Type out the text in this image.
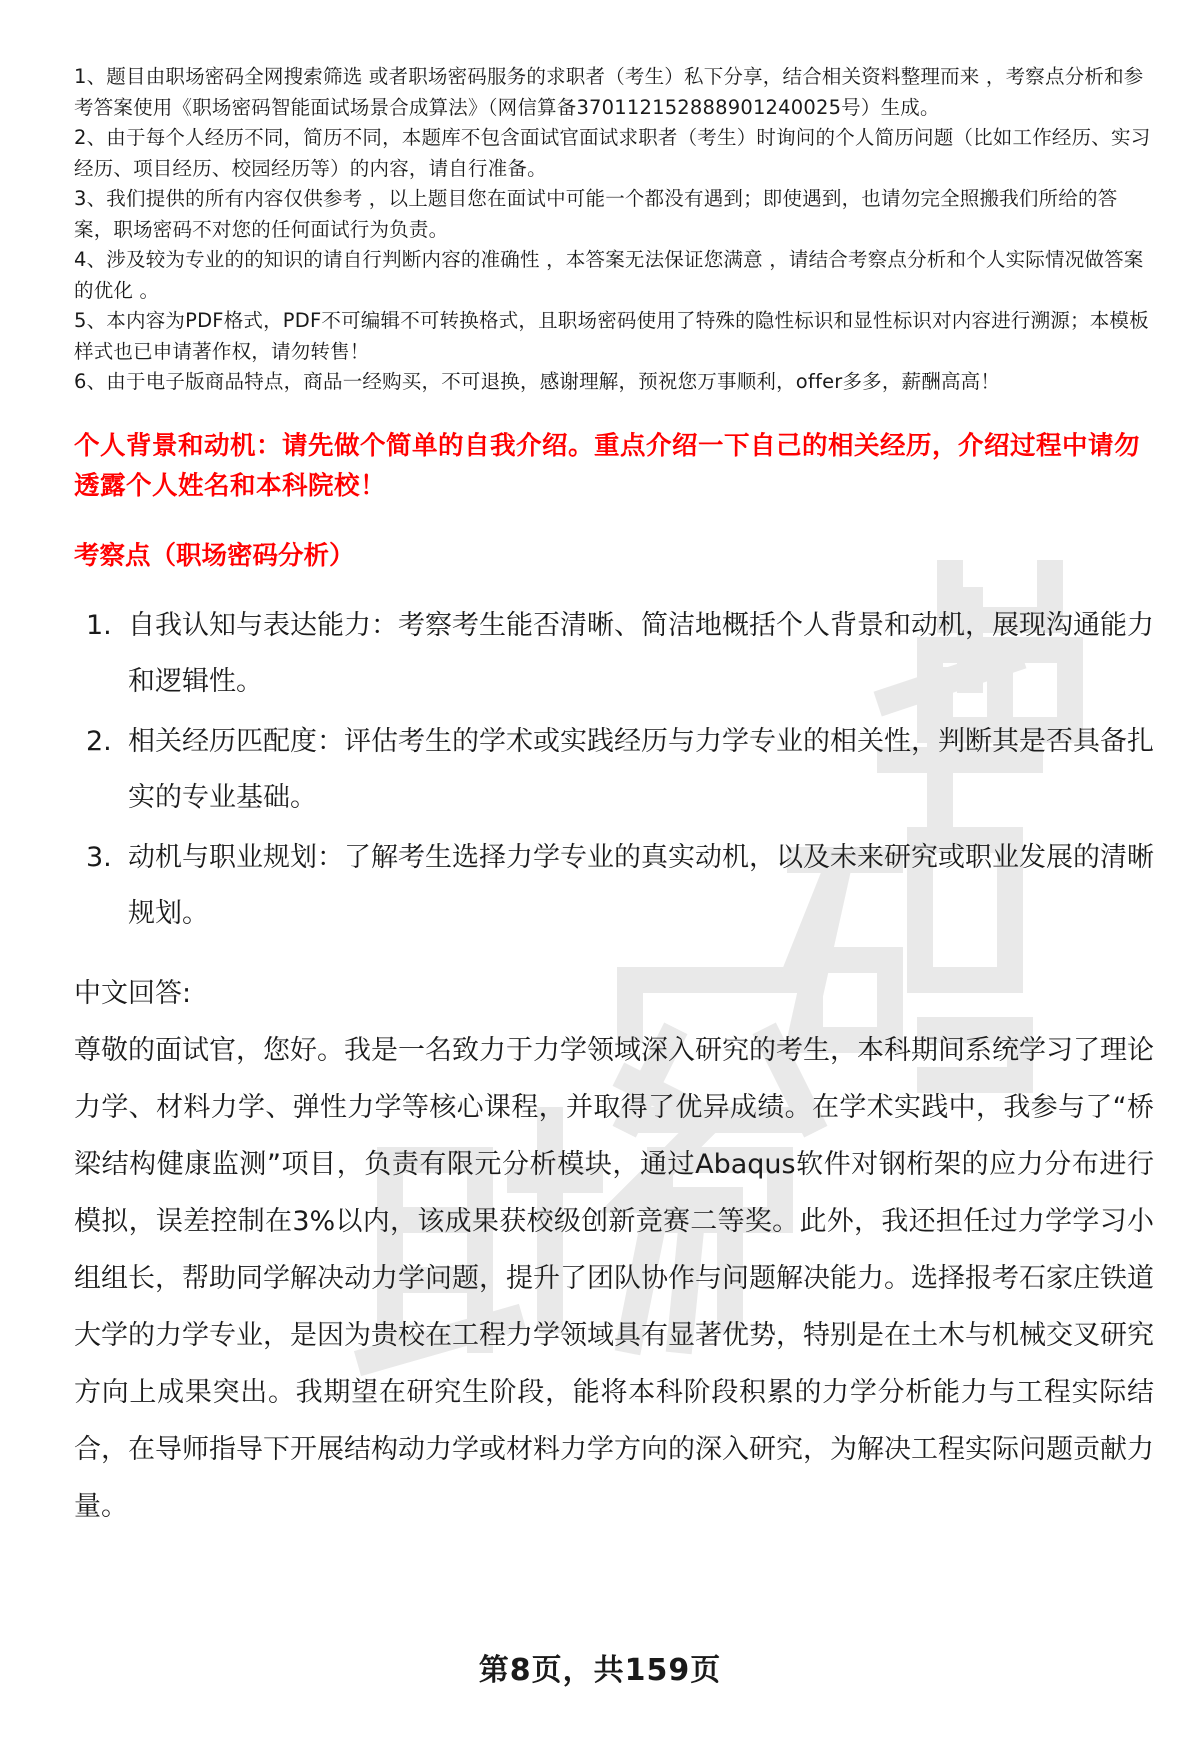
1、题目由职场密码全网搜索筛选 或者职场密码服务的求职者（考生）私下分享，结合相关资料整理而来 ，考察点分析和参考答案使用《职场密码智能面试场景合成算法》（网信算备370112152888901240025号）生成。

2、由于每个人经历不同，简历不同，本题库不包含面试官面试求职者（考生）时询问的个人简历问题（比如工作经历、实习经历、项目经历、校园经历等）的内容，请自行准备。

3、我们提供的所有内容仅供参考 ，以上题目您在面试中可能一个都没有遇到；即使遇到，也请勿完全照搬我们所给的答案，职场密码不对您的任何面试行为负责。

4、涉及较为专业的的知识的请自行判断内容的准确性 ，本答案无法保证您满意 ，请结合考察点分析和个人实际情况做答案的优化 。

5、本内容为PDF格式，PDF不可编辑不可转换格式，且职场密码使用了特殊的隐性标识和显性标识对内容进行溯源；本模板样式也已申请著作权，请勿转售！

6、由于电子版商品特点，商品一经购买，不可退换，感谢理解，预祝您万事顺利，offer多多，薪酬高高！

个人背景和动机：请先做个简单的自我介绍。重点介绍一下自己的相关经历，介绍过程中请勿透露个人姓名和本科院校！
考察点（职场密码分析）
1. 自我认知与表达能力：考察考生能否清晰、简洁地概括个人背景和动机，展现沟通能力和逻辑性。
2. 相关经历匹配度：评估考生的学术或实践经历与力学专业的相关性，判断其是否具备扎实的专业基础。
3. 动机与职业规划：了解考生选择力学专业的真实动机，以及未来研究或职业发展的清晰规划。

中文回答:

尊敬的面试官，您好。我是一名致力于力学领域深入研究的考生，本科期间系统学习了理论力学、材料力学、弹性力学等核心课程，并取得了优异成绩。在学术实践中，我参与了“桥梁结构健康监测”项目，负责有限元分析模块，通过Abaqus软件对钢桁架的应力分布进行模拟，误差控制在3%以内，该成果获校级创新竞赛二等奖。此外，我还担任过力学学习小组组长，帮助同学解决动力学问题，提升了团队协作与问题解决能力。选择报考石家庄铁道大学的力学专业，是因为贵校在工程力学领域具有显著优势，特别是在土木与机械交叉研究方向上成果突出。我期望在研究生阶段，能将本科阶段积累的力学分析能力与工程实际结合，在导师指导下开展结构动力学或材料力学方向的深入研究，为解决工程实际问题贡献力量。

第8页，共159页
